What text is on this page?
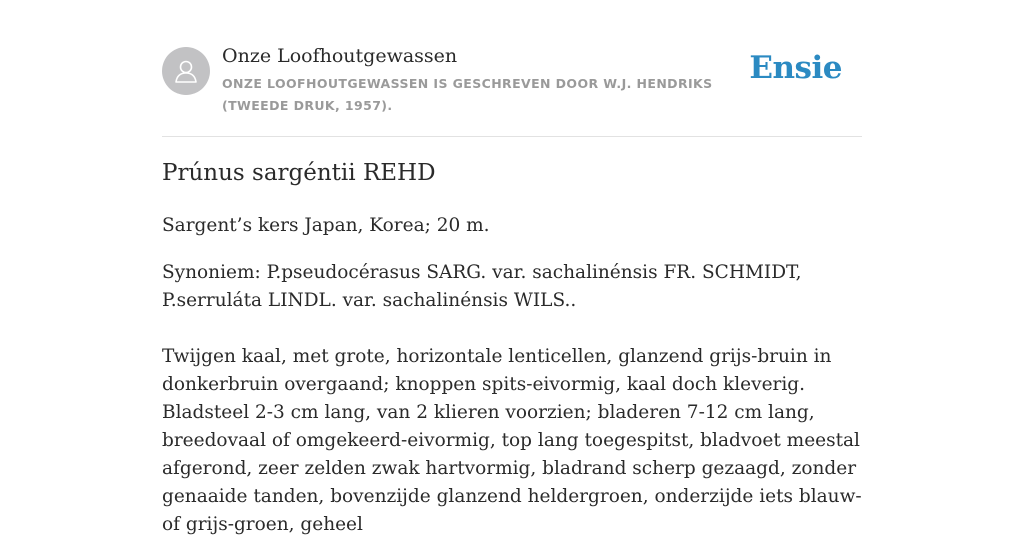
Onze Loofhoutgewassen
ONZE LOOFHOUTGEWASSEN IS GESCHREVEN DOOR W.J. HENDRIKS (TWEEDE DRUK, 1957).
Ensie
Prúnus sargéntii REHD

Sargent’s kers Japan, Korea; 20 m.

Synoniem: P.pseudocérasus SARG. var. sachalinénsis FR. SCHMIDT, P.serruláta LINDL. var. sachalinénsis WILS..

Twijgen kaal, met grote, horizontale lenticellen, glanzend grijs-bruin in donkerbruin overgaand; knoppen spits-eivormig, kaal doch kleverig. Bladsteel 2-3 cm lang, van 2 klieren voorzien; bladeren 7-12 cm lang, breedovaal of omgekeerd-eivormig, top lang toegespitst, bladvoet meestal afgerond, zeer zelden zwak hartvormig, bladrand scherp gezaagd, zonder genaaide tanden, bovenzijde glanzend heldergroen, onderzijde iets blauw- of grijs-groen, geheel
